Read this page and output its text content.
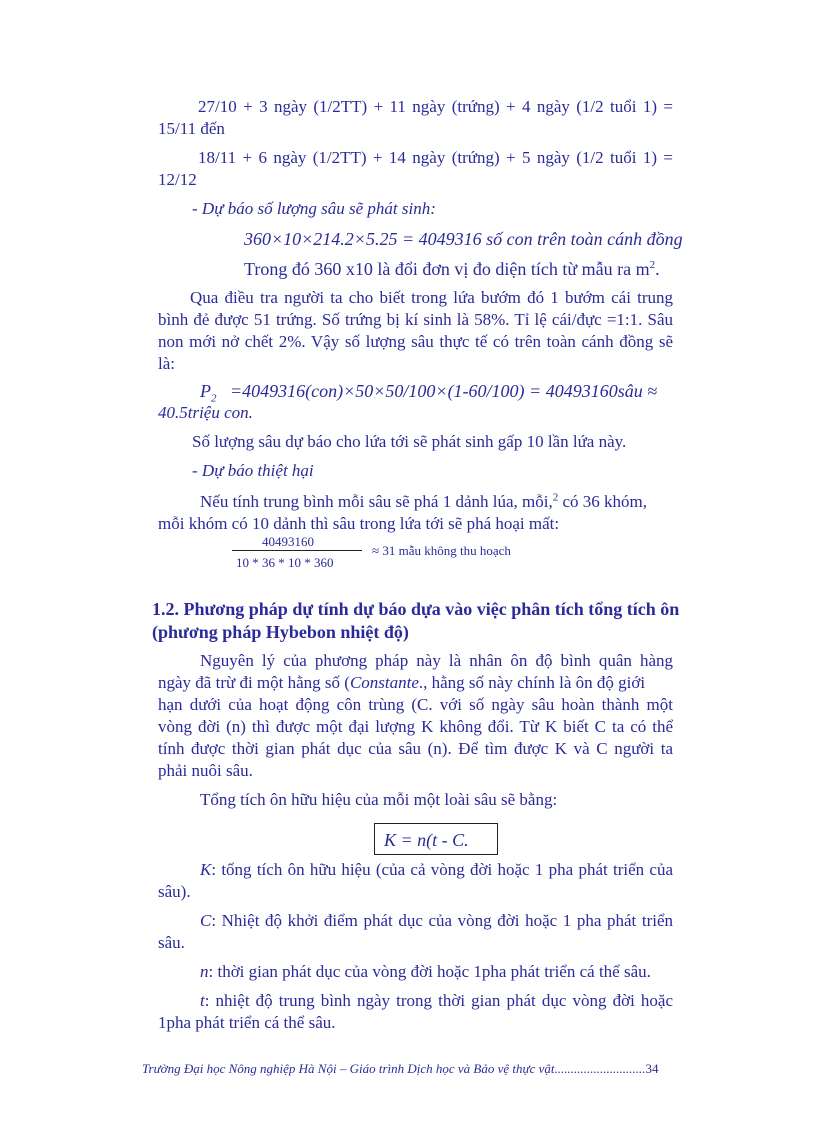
27/10 + 3 ngày (1/2TT) + 11 ngày (trứng) + 4 ngày (1/2 tuổi 1) =
15/11 đến
18/11 + 6 ngày (1/2TT) + 14 ngày (trứng) + 5 ngày (1/2 tuổi 1) =
12/12
- Dự báo số lượng sâu sẽ phát sinh:
360×10×214.2×5.25 = 4049316 số con trên toàn cánh đồng
Trong đó 360 x10 là đổi đơn vị đo diện tích từ mẫu ra $m^2$.
Qua điều tra người ta cho biết trong lứa bướm đó 1 bướm cái trung
bình đẻ được 51 trứng. Số trứng bị kí sinh là 58%. Tỉ lệ cái/đực =1:1. Sâu
non mới nở chết 2%. Vậy số lượng sâu thực tế có trên toàn cánh đồng sẽ
là:
$P_2 =4049316(con)\times 50\times 50/100\times(1-60/100)$ = 40493160sâu ≈
40.5triệu con.
Số lượng sâu dự báo cho lứa tới sẽ phát sinh gấp 10 lần lứa này.
- Dự báo thiệt hại
Nếu tính trung bình mỗi sâu sẽ phá 1 dảnh lúa, mỗi,$^2$ có 36 khóm,
mỗi khóm có 10 dảnh thì sâu trong lứa tới sẽ phá hoại mất:
40493160
10 * 36 * 10 * 360
≈ 31 mẫu không thu hoạch
1.2. Phương pháp dự tính dự báo dựa vào việc phân tích tổng tích ôn
(phương pháp Hybebon nhiệt độ)
Nguyên lý của phương pháp này là nhân ôn độ bình quân hàng
ngày đã trừ đi một hằng số (Constante., hằng số này chính là ôn độ giới
hạn dưới của hoạt động côn trùng (C. với số ngày sâu hoàn thành một
vòng đời (n) thì được một đại lượng K không đổi. Từ K biết C ta có thể
tính được thời gian phát dục của sâu (n). Để tìm được K và C người ta
phải nuôi sâu.
Tổng tích ôn hữu hiệu của mỗi một loài sâu sẽ bằng:
K = n(t - C.
K: tổng tích ôn hữu hiệu (của cả vòng đời hoặc 1 pha phát triển của
sâu).
C: Nhiệt độ khởi điểm phát dục của vòng đời hoặc 1 pha phát triển
sâu.
n: thời gian phát dục của vòng đời hoặc 1pha phát triển cá thể sâu.
t: nhiệt độ trung bình ngày trong thời gian phát dục vòng đời hoặc
1pha phát triển cá thể sâu.
Trường Đại học Nông nghiệp Hà Nội – Giáo trình Dịch học và Bảo vệ thực vật............................34
